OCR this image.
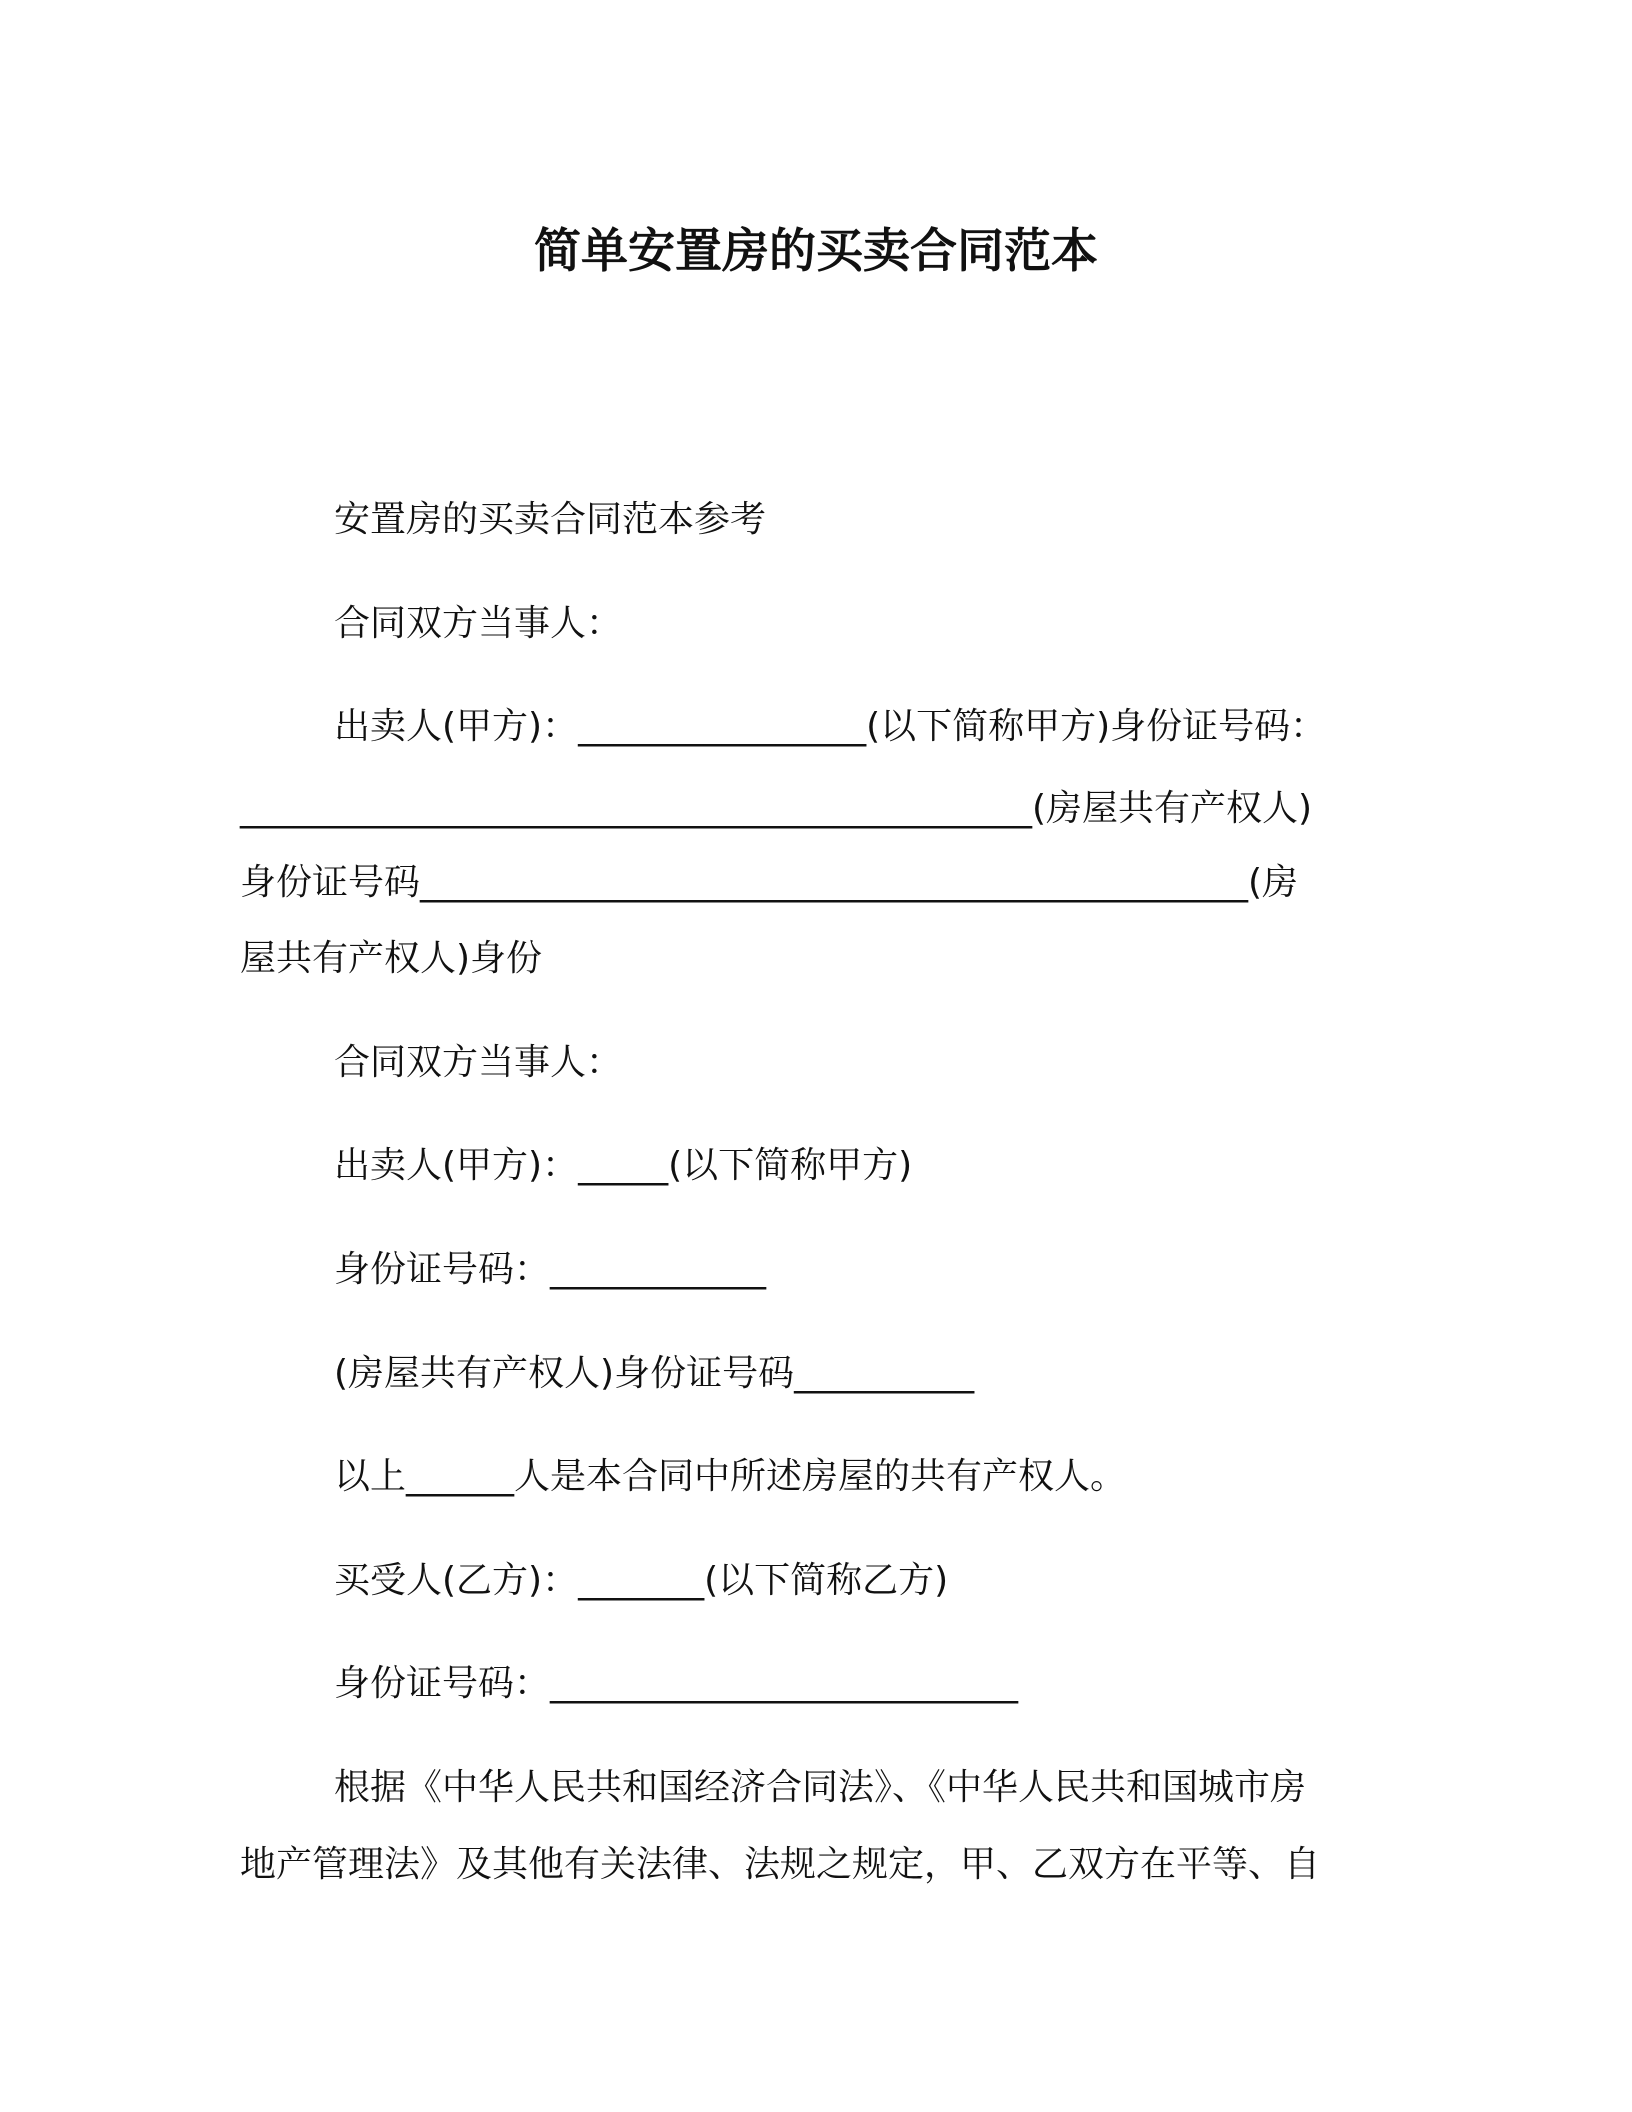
简单安置房的买卖合同范本
安置房的买卖合同范本参考
合同双方当事人：
出卖人(甲方)：________________(以下简称甲方)身份证号码：
____________________________________________(房屋共有产权人)
身份证号码______________________________________________(房
屋共有产权人)身份
合同双方当事人：
出卖人(甲方)：_____(以下简称甲方)
身份证号码：____________
(房屋共有产权人)身份证号码__________
以上______人是本合同中所述房屋的共有产权人。
买受人(乙方)：_______(以下简称乙方)
身份证号码：__________________________
根据《中华人民共和国经济合同法》、《中华人民共和国城市房
地产管理法》及其他有关法律、法规之规定，甲、乙双方在平等、自
